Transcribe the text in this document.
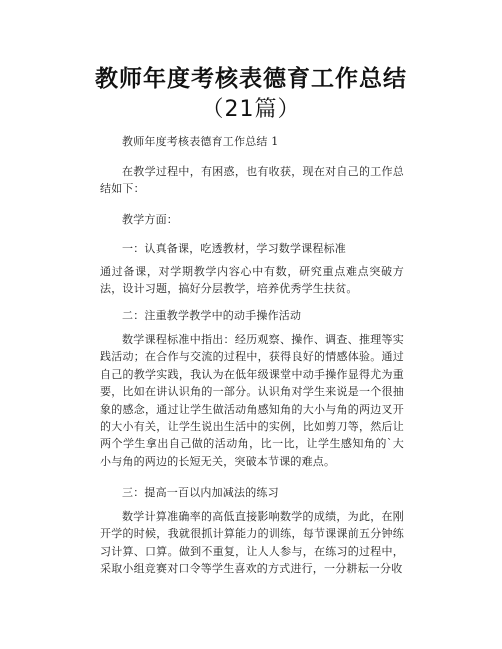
教师年度考核表德育工作总结
（21篇）

教师年度考核表德育工作总结 1

在教学过程中，有困惑，也有收获，现在对自己的工作总结如下：

教学方面：

一：认真备课，吃透教材，学习数学课程标准

通过备课，对学期教学内容心中有数，研究重点难点突破方法，设计习题，搞好分层教学，培养优秀学生扶贫。

二：注重教学教学中的动手操作活动

数学课程标准中指出：经历观察、操作、调查、推理等实践活动；在合作与交流的过程中，获得良好的情感体验。通过自己的教学实践，我认为在低年级课堂中动手操作显得尤为重要，比如在讲认识角的一部分。认识角对学生来说是一个很抽象的感念，通过让学生做活动角感知角的大小与角的两边叉开的大小有关，让学生说出生活中的实例，比如剪刀等，然后让两个学生拿出自己做的活动角，比一比，让学生感知角的`大小与角的两边的长短无关，突破本节课的难点。

三：提高一百以内加减法的练习

数学计算准确率的高低直接影响数学的成绩，为此，在刚开学的时候，我就很抓计算能力的训练，每节课课前五分钟练习计算、口算。做到不重复，让人人参与，在练习的过程中，采取小组竞赛对口令等学生喜欢的方式进行，一分耕耘一分收
